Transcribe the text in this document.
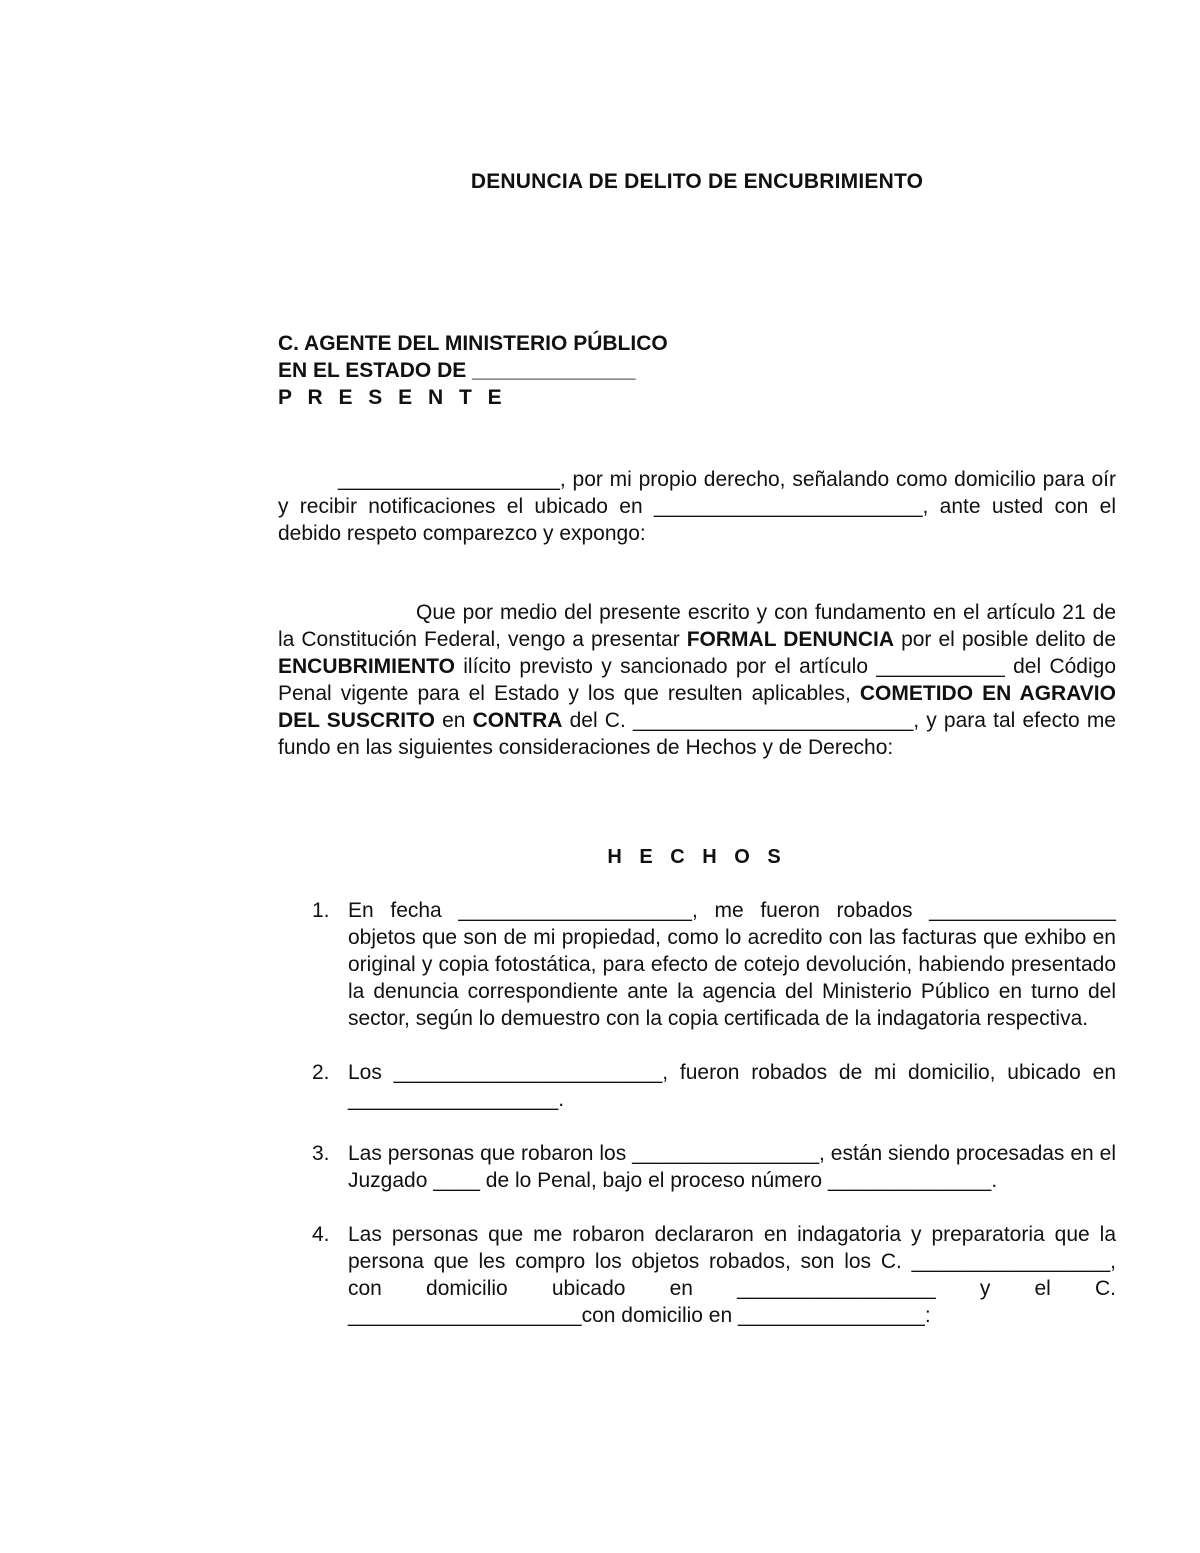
DENUNCIA DE DELITO DE ENCUBRIMIENTO
C. AGENTE DEL MINISTERIO PÚBLICO
EN EL ESTADO DE ______________
P R E S E N T E
___________________, por mi propio derecho, señalando como domicilio para oír y recibir notificaciones el ubicado en _______________________, ante usted con el debido respeto comparezco y expongo:
Que por medio del presente escrito y con fundamento en el artículo 21 de la Constitución Federal, vengo a presentar FORMAL DENUNCIA por el posible delito de ENCUBRIMIENTO ilícito previsto y sancionado por el artículo ___________ del Código Penal vigente para el Estado y los que resulten aplicables, COMETIDO EN AGRAVIO DEL SUSCRITO en CONTRA del C. ________________________, y para tal efecto me fundo en las siguientes consideraciones de Hechos y de Derecho:
H E C H O S
1. En fecha ____________________, me fueron robados ________________ objetos que son de mi propiedad, como lo acredito con las facturas que exhibo en original y copia fotostática, para efecto de cotejo devolución, habiendo presentado la denuncia correspondiente ante la agencia del Ministerio Público en turno del sector, según lo demuestro con la copia certificada de la indagatoria respectiva.
2. Los _______________________, fueron robados de mi domicilio, ubicado en __________________.
3. Las personas que robaron los ________________, están siendo procesadas en el Juzgado ____ de lo Penal, bajo el proceso número ______________.
4. Las personas que me robaron declararon en indagatoria y preparatoria que la persona que les compro los objetos robados, son los C. _________________, con domicilio ubicado en _________________ y el C. ____________________con domicilio en ________________:
